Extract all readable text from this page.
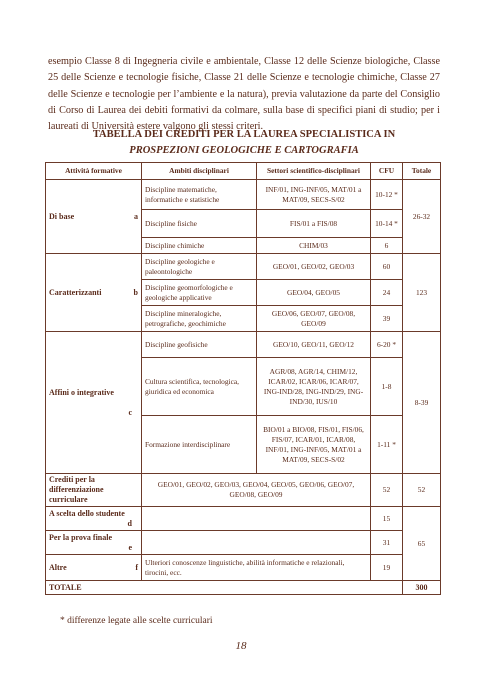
esempio Classe 8 di Ingegneria civile e ambientale, Classe 12 delle Scienze biologiche, Classe 25 delle Scienze e tecnologie fisiche, Classe 21 delle Scienze e tecnologie chimiche, Classe 27 delle Scienze e tecnologie per l’ambiente e la natura), previa valutazione da parte del Consiglio di Corso di Laurea dei debiti formativi da colmare, sulla base di specifici piani di studio; per i laureati di Università estere valgono gli stessi criteri.

TABELLA DEI CREDITI PER LA LAUREA SPECIALISTICA IN
PROSPEZIONI GEOLOGICHE E CARTOGRAFIA
Attività formative	Ambiti disciplinari	Settori scientifico-disciplinari	CFU	Totale

Di base a	Discipline matematiche, informatiche e statistiche	INF/01, ING-INF/05, MAT/01 a MAT/09, SECS-S/02	10-12 *	26-32
	Discipline fisiche	FIS/01 a FIS/08	10-14 *	
	Discipline chimiche	CHIM/03	6	

Caratterizzanti b	Discipline geologiche e paleontologiche	GEO/01, GEO/02, GEO/03	60	123
	Discipline geomorfologiche e geologiche applicative	GEO/04, GEO/05	24	
	Discipline mineralogiche, petrografiche, geochimiche	GEO/06, GEO/07, GEO/08, GEO/09	39	

Affini o integrative
c	Discipline geofisiche	GEO/10, GEO/11, GEO/12	6-20 *	8-39
	Cultura scientifica, tecnologica, giuridica ed economica	AGR/08, AGR/14, CHIM/12, ICAR/02, ICAR/06, ICAR/07, ING-IND/28, ING-IND/29, ING-IND/30, IUS/10	1-8	
	Formazione interdisciplinare	BIO/01 a BIO/08, FIS/01, FIS/06, FIS/07, ICAR/01, ICAR/08, INF/01, ING-INF/05, MAT/01 a MAT/09, SECS-S/02	1-11 *	
Crediti per la differenziazione curriculare	GEO/01, GEO/02, GEO/03, GEO/04, GEO/05, GEO/06, GEO/07, GEO/08, GEO/09		52	52

A scelta dello studente
d			15	65

Per la prova finale
e			31	

Altre f	Ulteriori conoscenze linguistiche, abilità informatiche e relazionali, tirocini, ecc.		19	
TOTALE				300
* differenze legate alle scelte curriculari
18
